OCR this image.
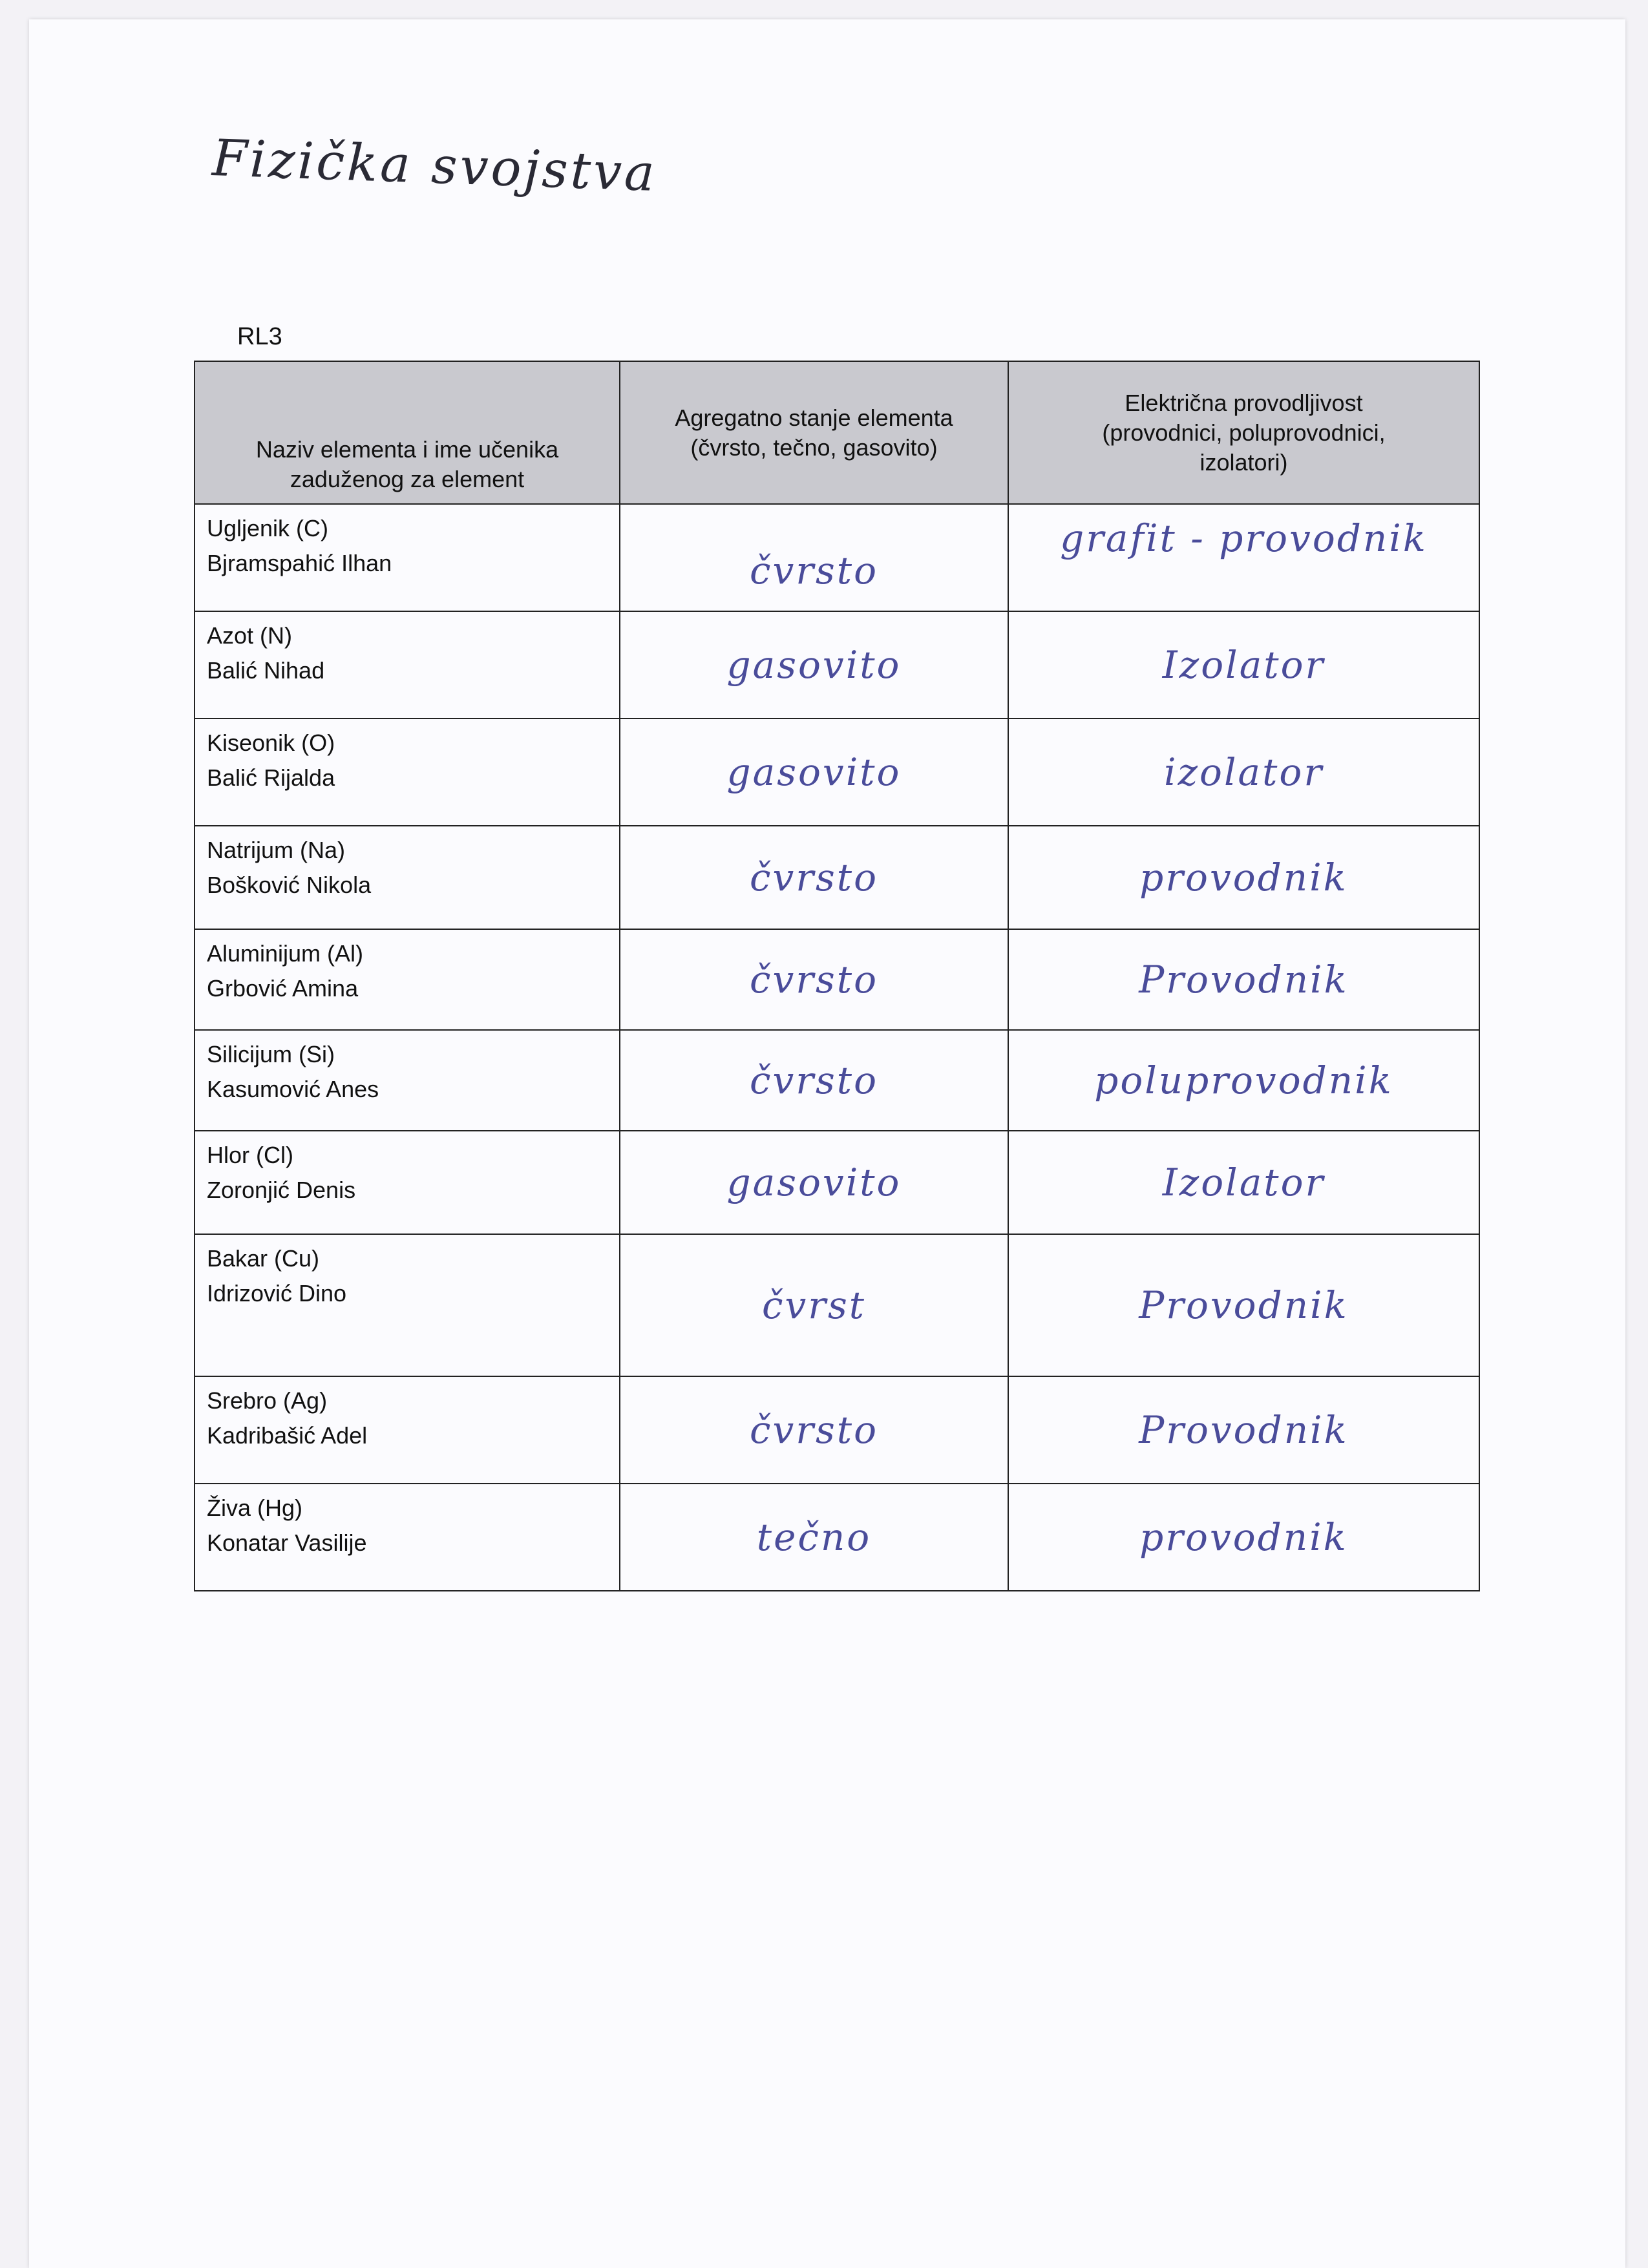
Fizička svojstva
RL3
Naziv elementa i ime učenika
zaduženog za element	Agregatno stanje elementa
(čvrsto, tečno, gasovito)	Električna provodljivost
(provodnici, poluprovodnici,
izolatori)

Ugljenik (C)
Bjramspahić Ilhan	čvrsto	grafit - provodnik

Azot (N)
Balić Nihad	gasovito	Izolator

Kiseonik (O)
Balić Rijalda	gasovito	izolator

Natrijum (Na)
Bošković Nikola	čvrsto	provodnik

Aluminijum (Al)
Grbović Amina	čvrsto	Provodnik

Silicijum (Si)
Kasumović Anes	čvrsto	poluprovodnik

Hlor (Cl)
Zoronjić Denis	gasovito	Izolator

Bakar (Cu)
Idrizović Dino	čvrst	Provodnik

Srebro (Ag)
Kadribašić Adel	čvrsto	Provodnik

Živa (Hg)
Konatar Vasilije	tečno	provodnik
